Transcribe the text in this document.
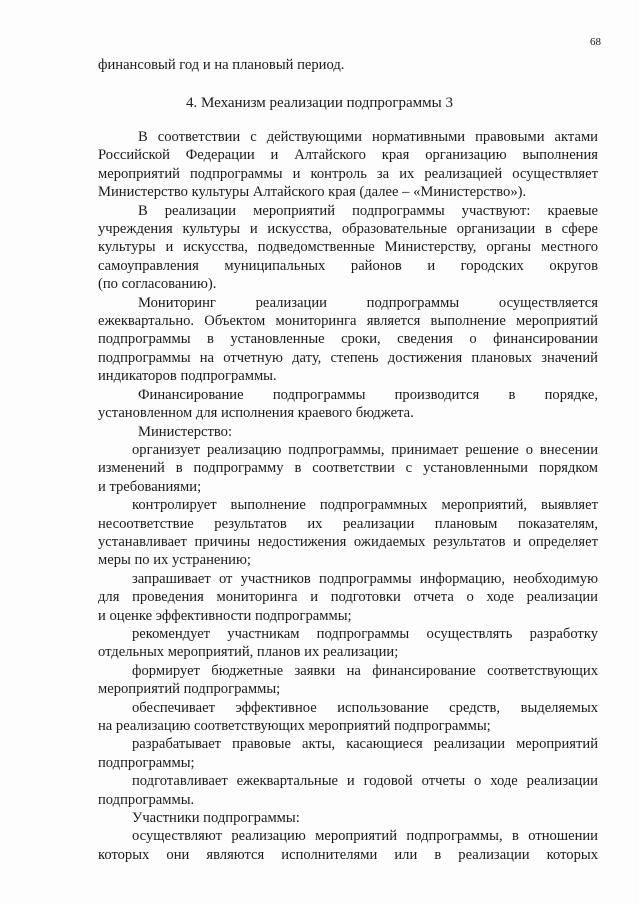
68
финансовый год и на плановый период.
4. Механизм реализации подпрограммы 3
В соответствии с действующими нормативными правовыми актами
Российской Федерации и Алтайского края организацию выполнения
мероприятий подпрограммы и контроль за их реализацией осуществляет
Министерство культуры Алтайского края (далее – «Министерство»).
В реализации мероприятий подпрограммы участвуют: краевые
учреждения культуры и искусства, образовательные организации в сфере
культуры и искусства, подведомственные Министерству, органы местного
самоуправления муниципальных районов и городских округов
(по согласованию).
Мониторинг реализации подпрограммы осуществляется
ежеквартально. Объектом мониторинга является выполнение мероприятий
подпрограммы в установленные сроки, сведения о финансировании
подпрограммы на отчетную дату, степень достижения плановых значений
индикаторов подпрограммы.
Финансирование подпрограммы производится в порядке,
установленном для исполнения краевого бюджета.
Министерство:
организует реализацию подпрограммы, принимает решение о внесении
изменений в подпрограмму в соответствии с установленными порядком
и требованиями;
контролирует выполнение подпрограммных мероприятий, выявляет
несоответствие результатов их реализации плановым показателям,
устанавливает причины недостижения ожидаемых результатов и определяет
меры по их устранению;
запрашивает от участников подпрограммы информацию, необходимую
для проведения мониторинга и подготовки отчета о ходе реализации
и оценке эффективности подпрограммы;
рекомендует участникам подпрограммы осуществлять разработку
отдельных мероприятий, планов их реализации;
формирует бюджетные заявки на финансирование соответствующих
мероприятий подпрограммы;
обеспечивает эффективное использование средств, выделяемых
на реализацию соответствующих мероприятий подпрограммы;
разрабатывает правовые акты, касающиеся реализации мероприятий
подпрограммы;
подготавливает ежеквартальные и годовой отчеты о ходе реализации
подпрограммы.
Участники подпрограммы:
осуществляют реализацию мероприятий подпрограммы, в отношении
которых они являются исполнителями или в реализации которых
